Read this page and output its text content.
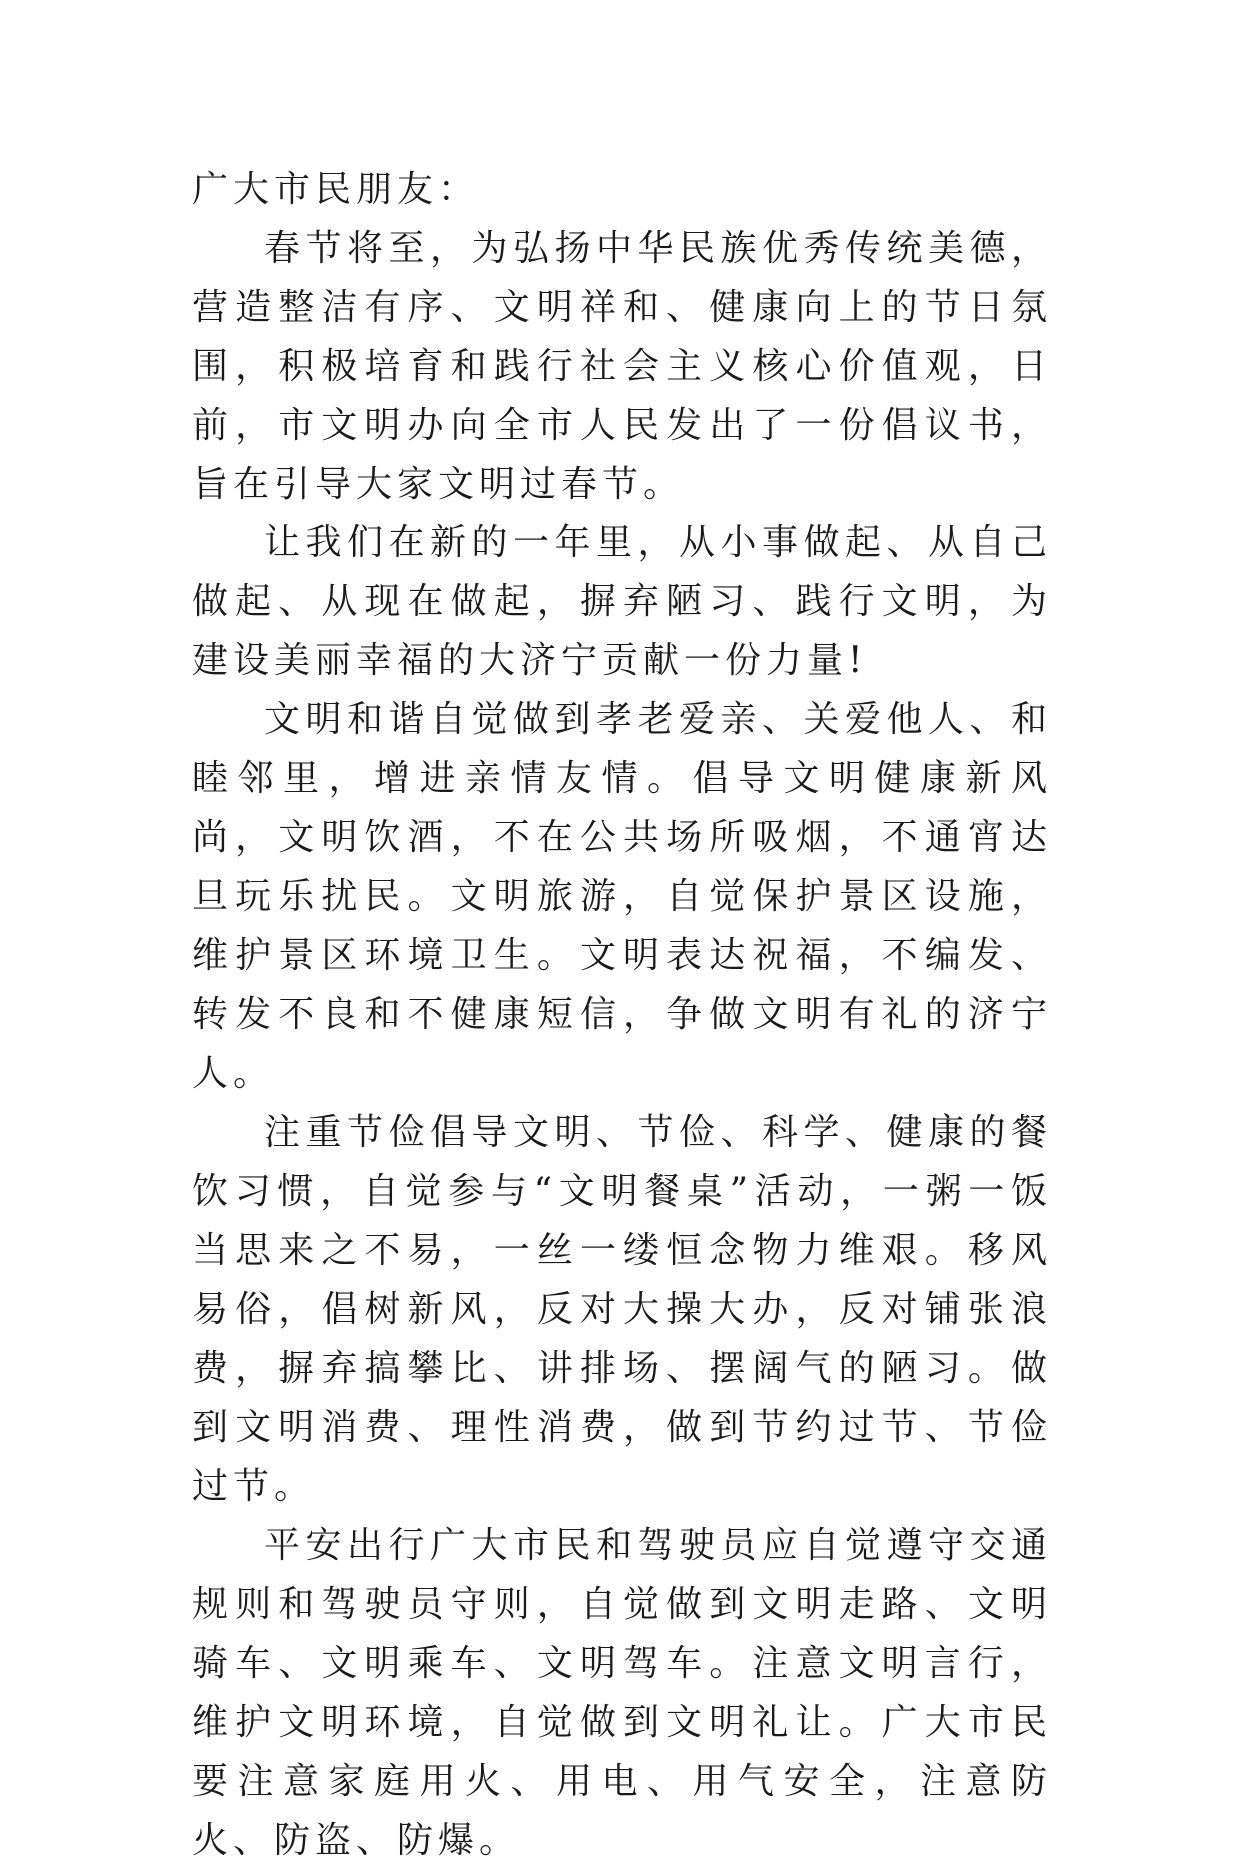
广大市民朋友：

春节将至，为弘扬中华民族优秀传统美德，营造整洁有序、文明祥和、健康向上的节日氛围，积极培育和践行社会主义核心价值观，日前，市文明办向全市人民发出了一份倡议书，旨在引导大家文明过春节。

让我们在新的一年里，从小事做起、从自己做起、从现在做起，摒弃陋习、践行文明，为建设美丽幸福的大济宁贡献一份力量!

文明和谐自觉做到孝老爱亲、关爱他人、和睦邻里，增进亲情友情。倡导文明健康新风尚，文明饮酒，不在公共场所吸烟，不通宵达旦玩乐扰民。文明旅游，自觉保护景区设施，维护景区环境卫生。文明表达祝福，不编发、转发不良和不健康短信，争做文明有礼的济宁人。

注重节俭倡导文明、节俭、科学、健康的餐饮习惯，自觉参与“文明餐桌”活动，一粥一饭当思来之不易，一丝一缕恒念物力维艰。移风易俗，倡树新风，反对大操大办，反对铺张浪费，摒弃搞攀比、讲排场、摆阔气的陋习。做到文明消费、理性消费，做到节约过节、节俭过节。

平安出行广大市民和驾驶员应自觉遵守交通规则和驾驶员守则，自觉做到文明走路、文明骑车、文明乘车、文明驾车。注意文明言行，维护文明环境，自觉做到文明礼让。广大市民要注意家庭用火、用电、用气安全，注意防火、防盗、防爆。
